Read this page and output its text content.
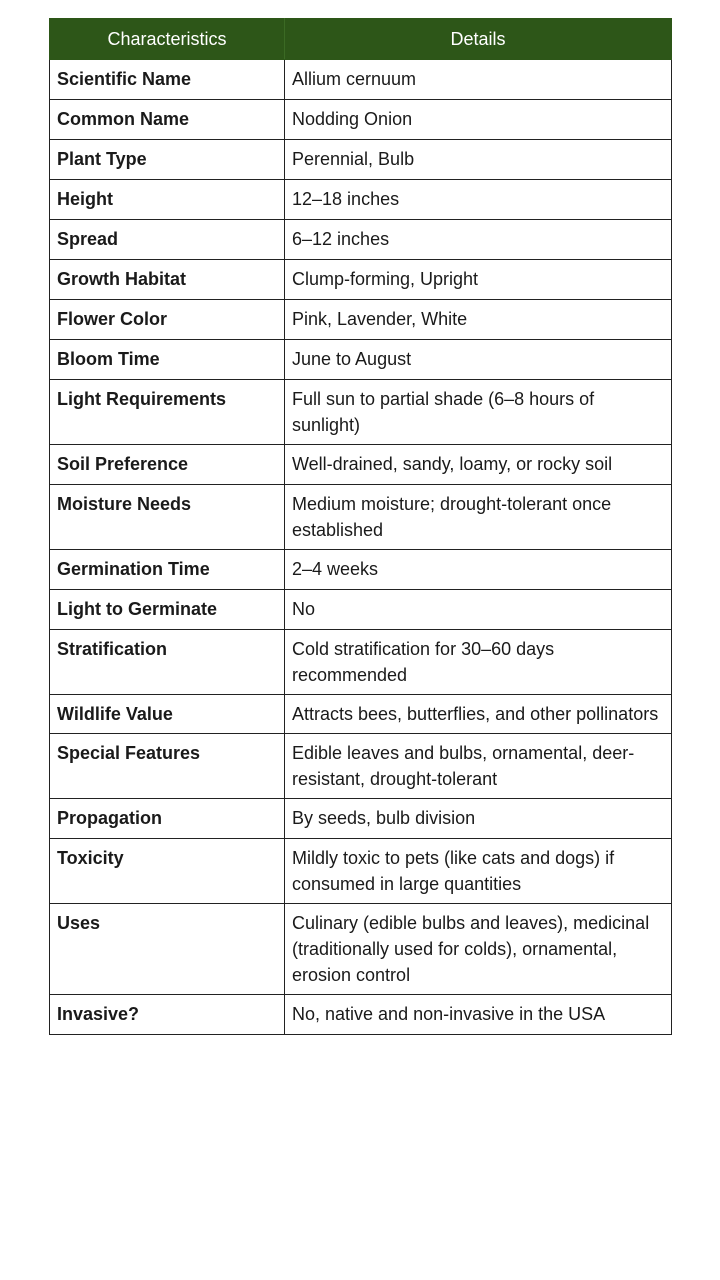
Characteristics	Details
Scientific Name	Allium cernuum
Common Name	Nodding Onion
Plant Type	Perennial, Bulb
Height	12–18 inches
Spread	6–12 inches
Growth Habitat	Clump-forming, Upright
Flower Color	Pink, Lavender, White
Bloom Time	June to August
Light Requirements	Full sun to partial shade (6–8 hours of sunlight)
Soil Preference	Well-drained, sandy, loamy, or rocky soil
Moisture Needs	Medium moisture; drought-tolerant once established
Germination Time	2–4 weeks
Light to Germinate	No
Stratification	Cold stratification for 30–60 days recommended
Wildlife Value	Attracts bees, butterflies, and other pollinators
Special Features	Edible leaves and bulbs, ornamental, deer-resistant, drought-tolerant
Propagation	By seeds, bulb division
Toxicity	Mildly toxic to pets (like cats and dogs) if consumed in large quantities
Uses	Culinary (edible bulbs and leaves), medicinal (traditionally used for colds), ornamental, erosion control
Invasive?	No, native and non-invasive in the USA
